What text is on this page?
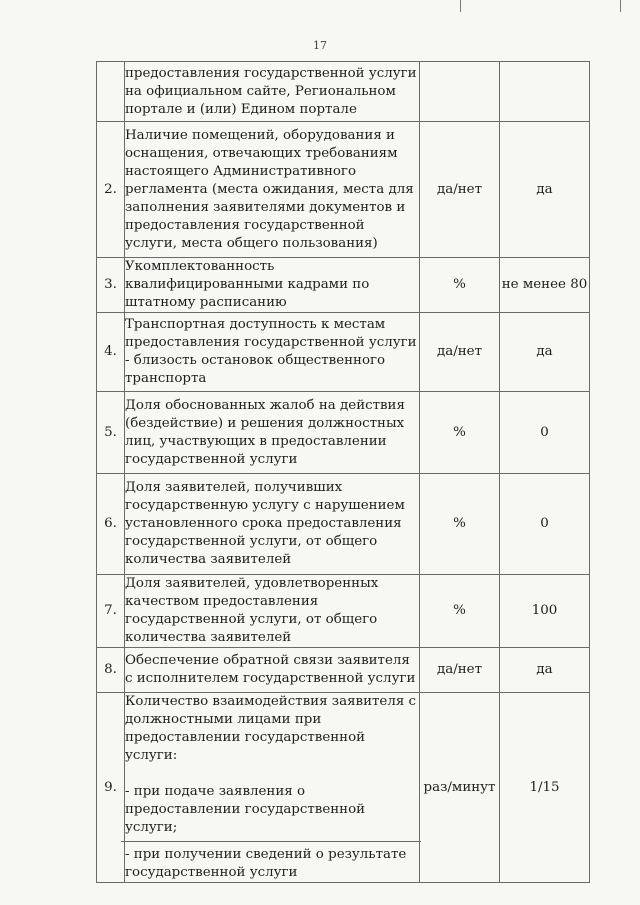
17
	предоставления государственной услуги на официальном сайте, Региональном портале и (или) Едином портале		
2.	Наличие помещений, оборудования и оснащения, отвечающих требованиям настоящего Административного регламента (места ожидания, места для заполнения заявителями документов и предоставления государственной услуги, места общего пользования)	да/нет	да
3.	Укомплектованность квалифицированными кадрами по штатному расписанию	%	не менее 80
4.	Транспортная доступность к местам предоставления государственной услуги - близость остановок общественного транспорта	да/нет	да
5.	Доля обоснованных жалоб на действия (бездействие) и решения должностных лиц, участвующих в предоставлении государственной услуги	%	0
6.	Доля заявителей, получивших государственную услугу с нарушением установленного срока предоставления государственной услуги, от общего количества заявителей	%	0
7.	Доля заявителей, удовлетворенных качеством предоставления государственной услуги, от общего количества заявителей	%	100
8.	Обеспечение обратной связи заявителя с исполнителем государственной услуги	да/нет	да
9.	Количество взаимодействия заявителя с должностными лицами при предоставлении государственной услуги:
- при подаче заявления о предоставлении государственной услуги;
- при получении сведений о результате государственной услуги	раз/минут	1/15
